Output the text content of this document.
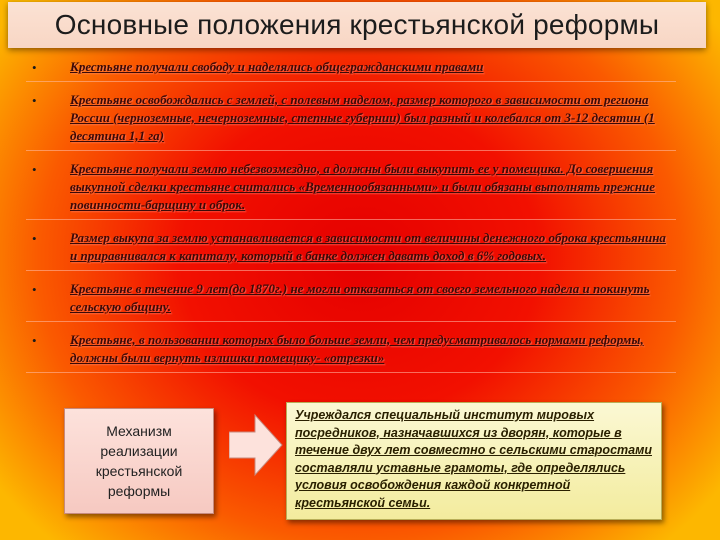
Основные положения крестьянской реформы
•	Крестьяне получали свободу и наделялись общегражданскими правами
•	Крестьяне освобождались с землей, с полевым наделом, размер которого в зависимости от региона России (черноземные, нечерноземные, степные губернии) был разный и колебался от 3-12 десятин (1 десятина 1,1 га)
•	Крестьяне получали землю небезвозмездно, а должны были выкупить ее у помещика. До совершения выкупной сделки крестьяне считались «Временнообязанными» и были обязаны выполнять прежние повинности-барщину и оброк.
•	Размер выкупа за землю устанавливается в зависимости от величины денежного оброка крестьянина и приравнивался к капиталу, который в банке должен давать доход в 6% годовых.
•	Крестьяне в течение 9 лет(до 1870г.) не могли отказаться от своего земельного надела и покинуть сельскую общину.
•	Крестьяне, в пользовании которых было больше земли, чем предусматривалось нормами реформы, должны были вернуть излишки помещику- «отрезки»
Механизм
реализации
крестьянской
реформы
Учреждался специальный институт мировых посредников, назначавшихся из дворян, которые в течение двух лет совместно с сельскими старостами составляли уставные грамоты, где определялись условия освобождения каждой конкретной крестьянской семьи.
